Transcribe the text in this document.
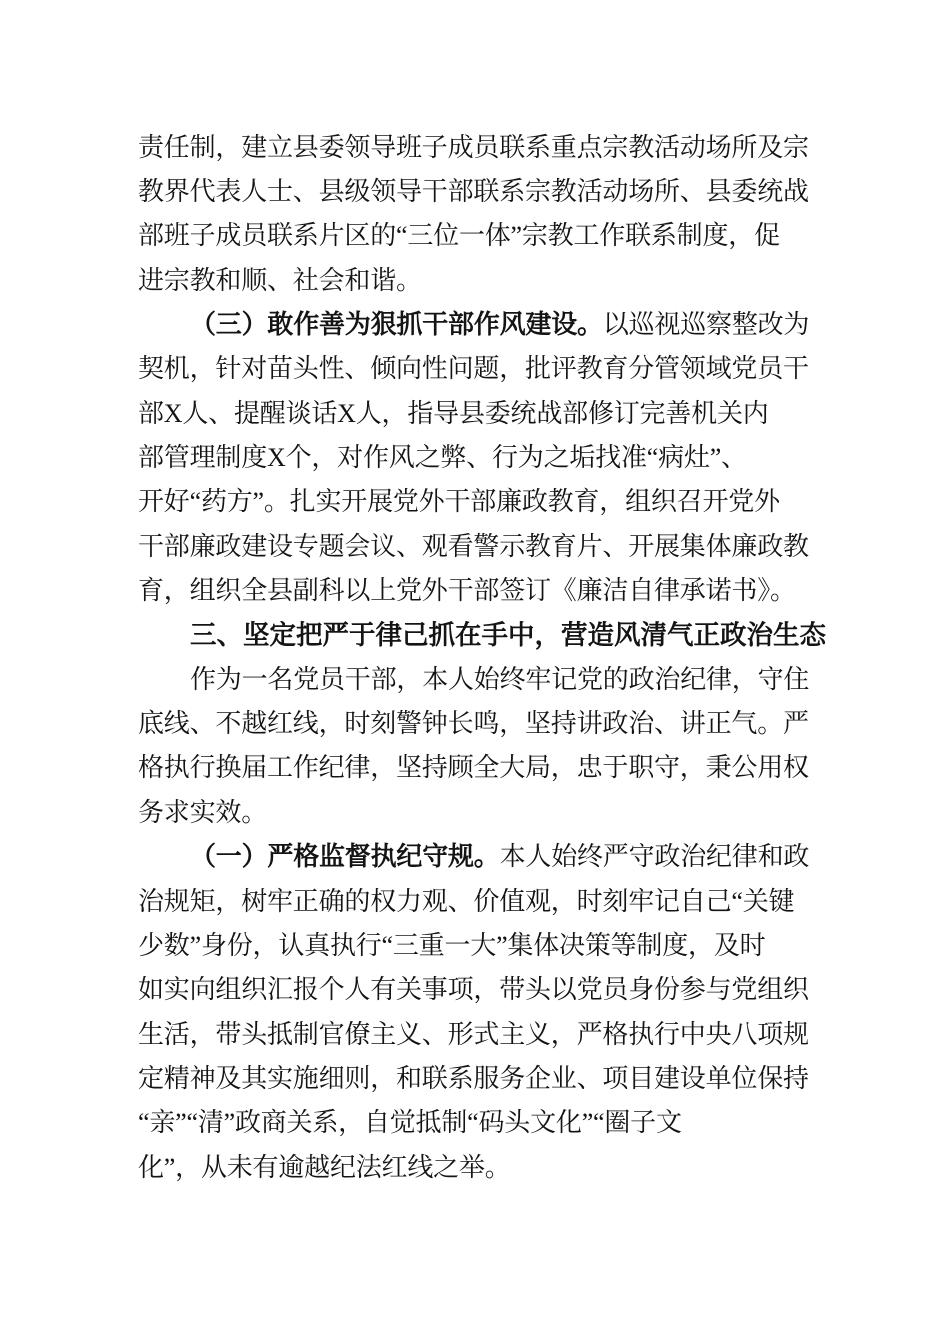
责任制，建立县委领导班子成员联系重点宗教活动场所及宗
教界代表人士、县级领导干部联系宗教活动场所、县委统战
部班子成员联系片区的“三位一体”宗教工作联系制度，促
进宗教和顺、社会和谐。
（三）敢作善为狠抓干部作风建设。 以巡视巡察整改为
契机，针对苗头性、倾向性问题，批评教育分管领域党员干
部X人、提醒谈话X人，指导县委统战部修订完善机关内
部管理制度X个，对作风之弊、行为之垢找准“病灶”、
开好“药方”。扎实开展党外干部廉政教育，组织召开党外
干部廉政建设专题会议、观看警示教育片、开展集体廉政教
育，组织全县副科以上党外干部签订《廉洁自律承诺书》。
三、坚定把严于律己抓在手中，营造风清气正政治生态
作为一名党员干部，本人始终牢记党的政治纪律，守住
底线、不越红线，时刻警钟长鸣，坚持讲政治、讲正气。严
格执行换届工作纪律，坚持顾全大局，忠于职守，秉公用权
务求实效。
（一）严格监督执纪守规。 本人始终严守政治纪律和政
治规矩，树牢正确的权力观、价值观，时刻牢记自己“关键
少数”身份，认真执行“三重一大”集体决策等制度，及时
如实向组织汇报个人有关事项，带头以党员身份参与党组织
生活，带头抵制官僚主义、形式主义，严格执行中央八项规
定精神及其实施细则，和联系服务企业、项目建设单位保持
“亲”“清”政商关系，自觉抵制“码头文化”“圈子文
化”，从未有逾越纪法红线之举。
